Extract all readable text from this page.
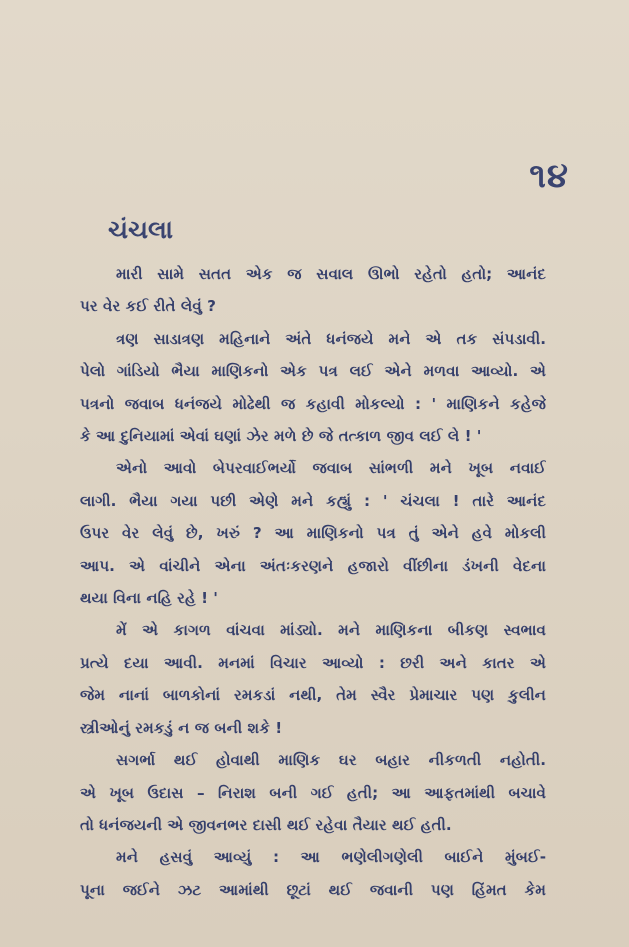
૧૪
ચંચલા

મારી સામે સતત એક જ સવાલ ઊભો રહેતો હતો; આનંદ
પર વેર કઈ રીતે લેવું ?

ત્રણ સાડાત્રણ મહિનાને અંતે ધનંજયે મને એ તક સંપડાવી.
પેલો ગાંડિયો ભૈયા માણિકનો એક પત્ર લઈ એને મળવા આવ્યો. એ
પત્રનો જવાબ ધનંજયે મોઢેથી જ કહાવી મોકલ્યો : ' માણિકને કહેજે
કે આ દુનિયામાં એવાં ઘણાં ઝેર મળે છે જે તત્કાળ જીવ લઈ લે ! '

એનો આવો બેપરવાઈભર્યો જવાબ સાંભળી મને ખૂબ નવાઈ
લાગી. ભૈયા ગયા પછી એણે મને કહ્યું : ' ચંચલા ! તારે આનંદ
ઉપર વેર લેવું છે, ખરું ? આ માણિકનો પત્ર તું એને હવે મોકલી
આપ. એ વાંચીને એના અંતઃકરણને હજારો વીંછીના ડંખની વેદના
થયા વિના નહિ રહે ! '

મેં એ કાગળ વાંચવા માંડ્યો. મને માણિકના બીકણ સ્વભાવ
પ્રત્યે દયા આવી. મનમાં વિચાર આવ્યો : છરી અને કાતર એ
જેમ નાનાં બાળકોનાં રમકડાં નથી, તેમ સ્વૈર પ્રેમાચાર પણ કુલીન
સ્ત્રીઓનું રમકડું ન જ બની શકે !

સગર્ભા થઈ હોવાથી માણિક ઘર બહાર નીકળતી નહોતી.
એ ખૂબ ઉદાસ – નિરાશ બની ગઈ હતી; આ આફતમાંથી બચાવે
તો ધનંજયની એ જીવનભર દાસી થઈ રહેવા તૈયાર થઈ હતી.

મને હસવું આવ્યું : આ ભણેલીગણેલી બાઈને મુંબઈ-
પૂના જઈને ઝટ આમાંથી છૂટાં થઈ જવાની પણ હિંમત કેમ
